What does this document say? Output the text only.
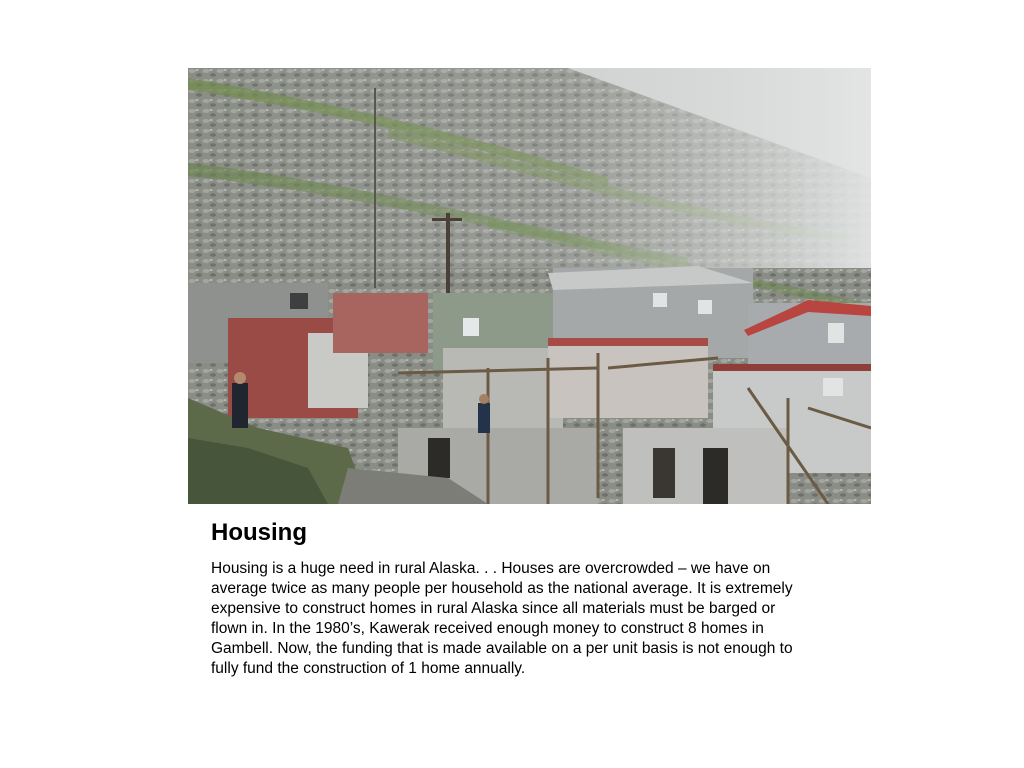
Housing

Housing is a huge need in rural Alaska. . . Houses are overcrowded – we have on average twice as many people per household as the national average. It is extremely expensive to construct homes in rural Alaska since all materials must be barged or flown in. In the 1980’s, Kawerak received enough money to construct 8 homes in Gambell. Now, the funding that is made available on a per unit basis is not enough to fully fund the construction of 1 home annually.
